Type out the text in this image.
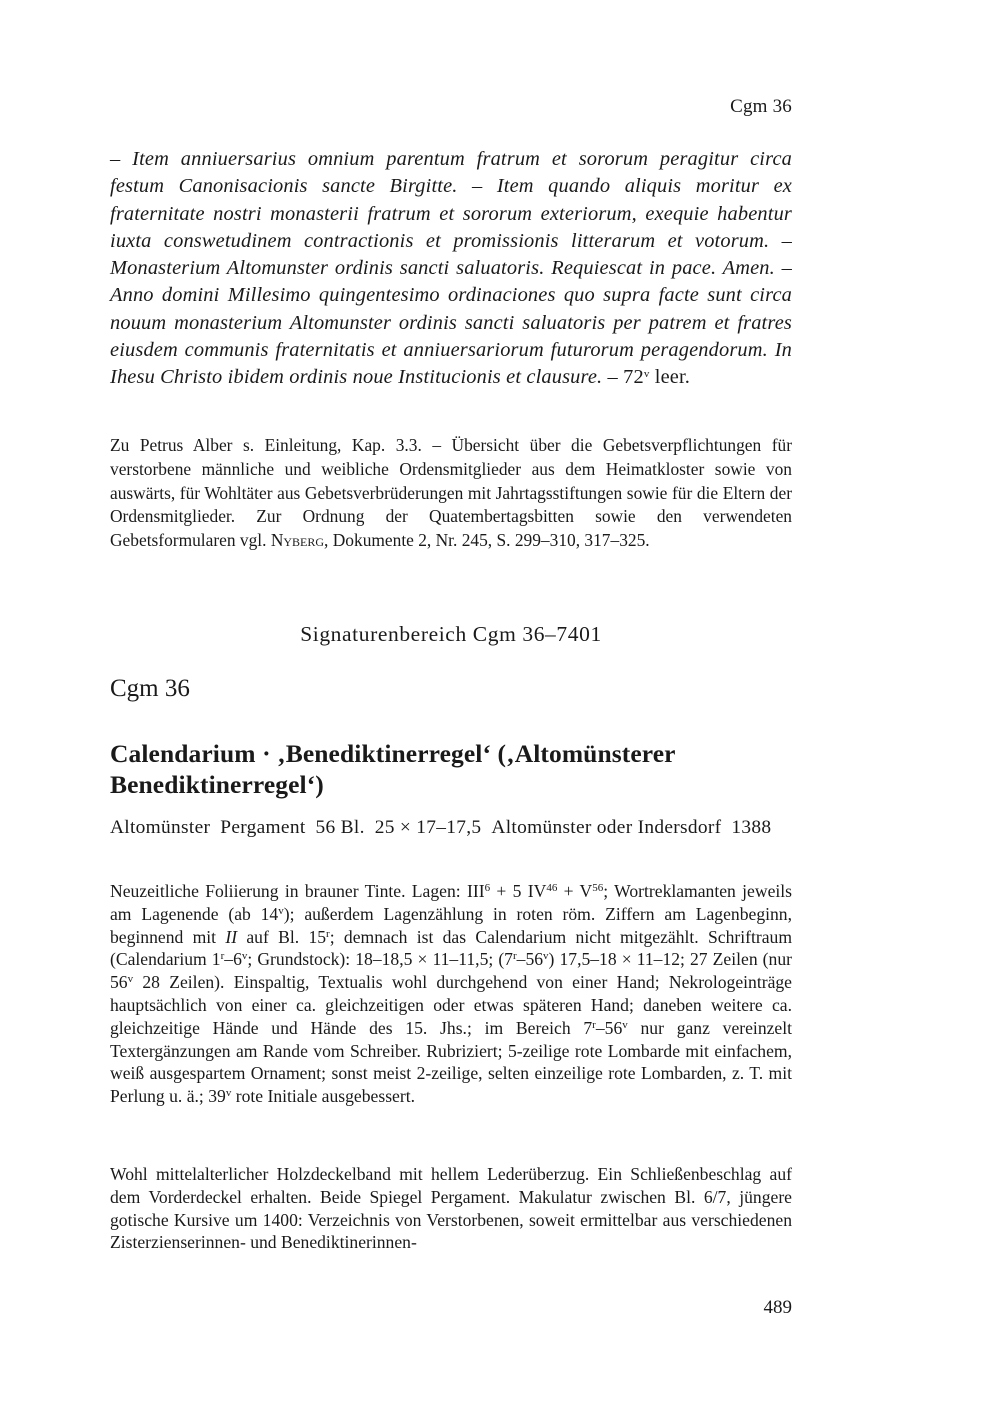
Cgm 36
– Item anniuersarius omnium parentum fratrum et sororum peragitur circa festum Canonisacionis sancte Birgitte. – Item quando aliquis moritur ex fraternitate nostri monasterii fratrum et sororum exteriorum, exequie habentur iuxta conswetudinem contractionis et promissionis litterarum et votorum. – Monasterium Altomunster ordinis sancti saluatoris. Requiescat in pace. Amen. – Anno domini Millesimo quingentesimo ordinaciones quo supra facte sunt circa nouum monasterium Altomunster ordinis sancti saluatoris per patrem et fratres eiusdem communis fraternitatis et anniuersariorum futurorum peragendorum. In Ihesu Christo ibidem ordinis noue Institucionis et clausure. – 72$^v$ leer.
Zu Petrus Alber s. Einleitung, Kap. 3.3. – Übersicht über die Gebetsverpflichtungen für verstorbene männliche und weibliche Ordensmitglieder aus dem Heimatkloster sowie von auswärts, für Wohltäter aus Gebetsverbrüderungen mit Jahrtagsstiftungen sowie für die Eltern der Ordensmitglieder. Zur Ordnung der Quatembertagsbitten sowie den verwendeten Gebetsformularen vgl. Nyberg, Dokumente 2, Nr. 245, S. 299–310, 317–325.
Signaturenbereich Cgm 36–7401
Cgm 36
Calendarium · ‚Benediktinerregel‘ (‚Altomünsterer Benediktinerregel‘)
Altomünster Pergament 56 Bl. 25 × 17–17,5 Altomünster oder Indersdorf 1388
Neuzeitliche Foliierung in brauner Tinte. Lagen: $III^6 + 5$ $IV^{46} + V^{56}$; Wortreklamanten jeweils am Lagenende (ab 14$^v$); außerdem Lagenzählung in roten röm. Ziffern am Lagenbeginn, beginnend mit II auf Bl. 15$^r$; demnach ist das Calendarium nicht mitgezählt. Schriftraum (Calendarium 1$^r$–6$^v$; Grundstock): 18–18,5 × 11–11,5; (7$^r$–56$^v$) 17,5–18 × 11–12; 27 Zeilen (nur 56$^v$ 28 Zeilen). Einspaltig, Textualis wohl durchgehend von einer Hand; Nekrologeinträge hauptsächlich von einer ca. gleichzeitigen oder etwas späteren Hand; daneben weitere ca. gleichzeitige Hände und Hände des 15. Jhs.; im Bereich 7$^r$–56$^v$ nur ganz vereinzelt Textergänzungen am Rande vom Schreiber. Rubriziert; 5-zeilige rote Lombarde mit einfachem, weiß ausgespartem Ornament; sonst meist 2-zeilige, selten einzeilige rote Lombarden, z. T. mit Perlung u. ä.; 39$^v$ rote Initiale ausgebessert.
Wohl mittelalterlicher Holzdeckelband mit hellem Lederüberzug. Ein Schließenbeschlag auf dem Vorderdeckel erhalten. Beide Spiegel Pergament. Makulatur zwischen Bl. 6/7, jüngere gotische Kursive um 1400: Verzeichnis von Verstorbenen, soweit ermittelbar aus verschiedenen Zisterzienserinnen- und Benediktinerinnen-
489
